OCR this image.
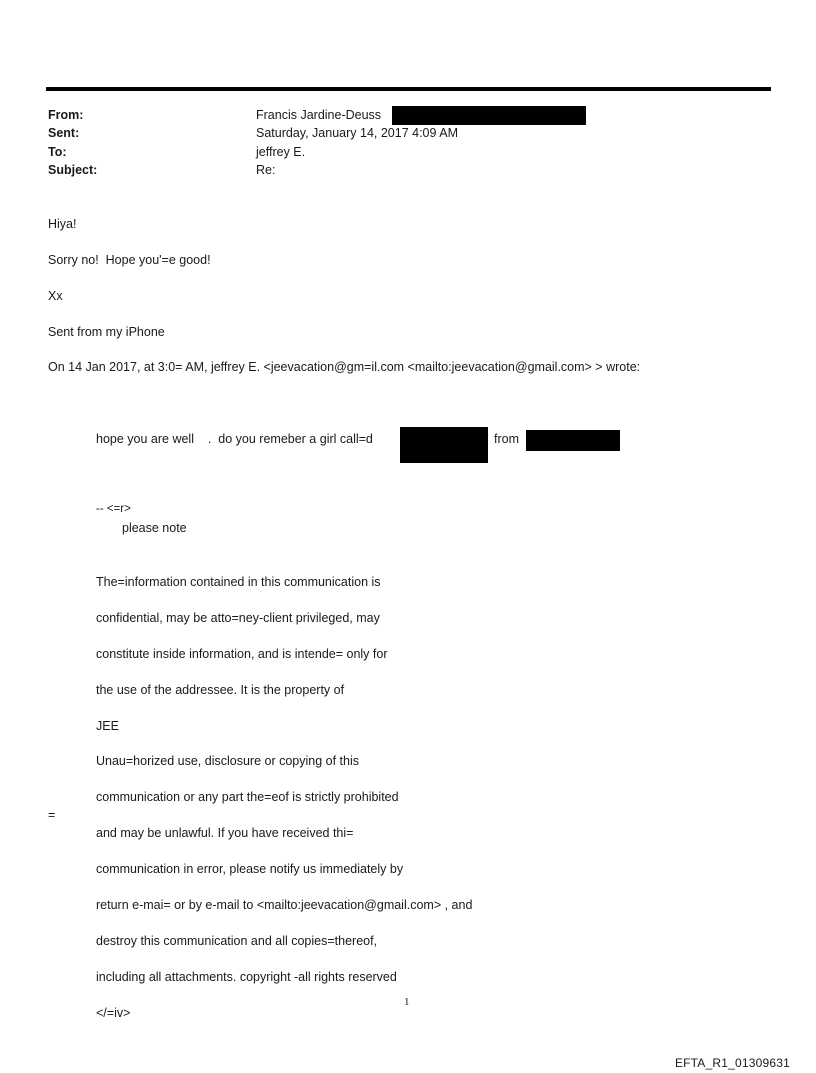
From:	Francis Jardine-Deuss
Sent:	Saturday, January 14, 2017 4:09 AM
To:	jeffrey E.
Subject:	Re:
Hiya!
Sorry no!  Hope you'=e good!
Xx
Sent from my iPhone
On 14 Jan 2017, at 3:0= AM, jeffrey E. <jeevacation@gm=il.com <mailto:jeevacation@gmail.com> > wrote:
hope you are well    .  do you remeber a girl call=d	from
-- <=r>
please note

The=information contained in this communication is

confidential, may be atto=ney-client privileged, may

constitute inside information, and is intende= only for

the use of the addressee. It is the property of

JEE

Unau=horized use, disclosure or copying of this

communication or any part the=eof is strictly prohibited

and may be unlawful. If you have received thi=

communication in error, please notify us immediately by

return e-mai= or by e-mail to <mailto:jeevacation@gmail.com> , and

destroy this communication and all copies=thereof,

including all attachments. copyright -all rights reserved

</=iv>

=
1
EFTA_R1_01309631
